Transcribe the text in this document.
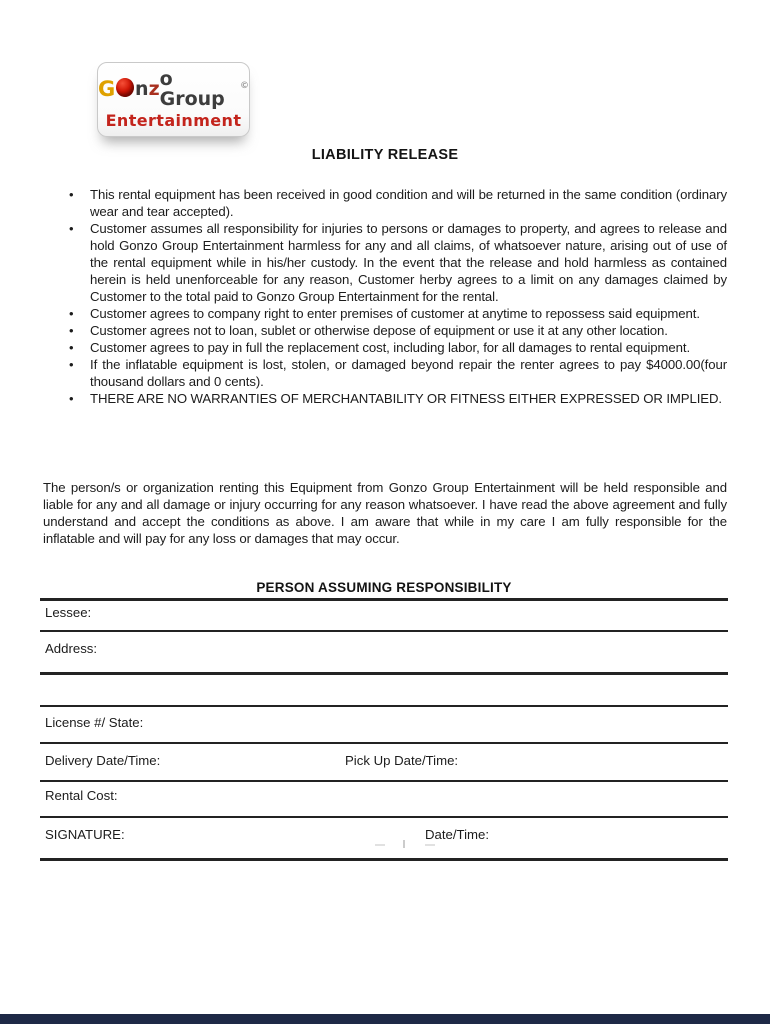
G n z o Group
©
Entertainment
LIABILITY RELEASE
• This rental equipment has been received in good condition and will be returned in the same condition (ordinary wear and tear accepted).
• Customer assumes all responsibility for injuries to persons or damages to property, and agrees to release and hold Gonzo Group Entertainment harmless for any and all claims, of whatsoever nature, arising out of use of the rental equipment while in his/her custody. In the event that the release and hold harmless as contained herein is held unenforceable for any reason, Customer herby agrees to a limit on any damages claimed by Customer to the total paid to Gonzo Group Entertainment for the rental.
• Customer agrees to company right to enter premises of customer at anytime to repossess said equipment.
• Customer agrees not to loan, sublet or otherwise depose of equipment or use it at any other location.
• Customer agrees to pay in full the replacement cost, including labor, for all damages to rental equipment.
• If the inflatable equipment is lost, stolen, or damaged beyond repair the renter agrees to pay $4000.00(four thousand dollars and 0 cents).
• THERE ARE NO WARRANTIES OF MERCHANTABILITY OR FITNESS EITHER EXPRESSED OR IMPLIED.
The person/s or organization renting this Equipment from Gonzo Group Entertainment will be held responsible and liable for any and all damage or injury occurring for any reason whatsoever. I have read the above agreement and fully understand and accept the conditions as above. I am aware that while in my care I am fully responsible for the inflatable and will pay for any loss or damages that may occur.
PERSON ASSUMING RESPONSIBILITY
Lessee:
Address:
License #/ State:
Delivery Date/Time:	Pick Up Date/Time:
Rental Cost:
SIGNATURE:	Date/Time:
